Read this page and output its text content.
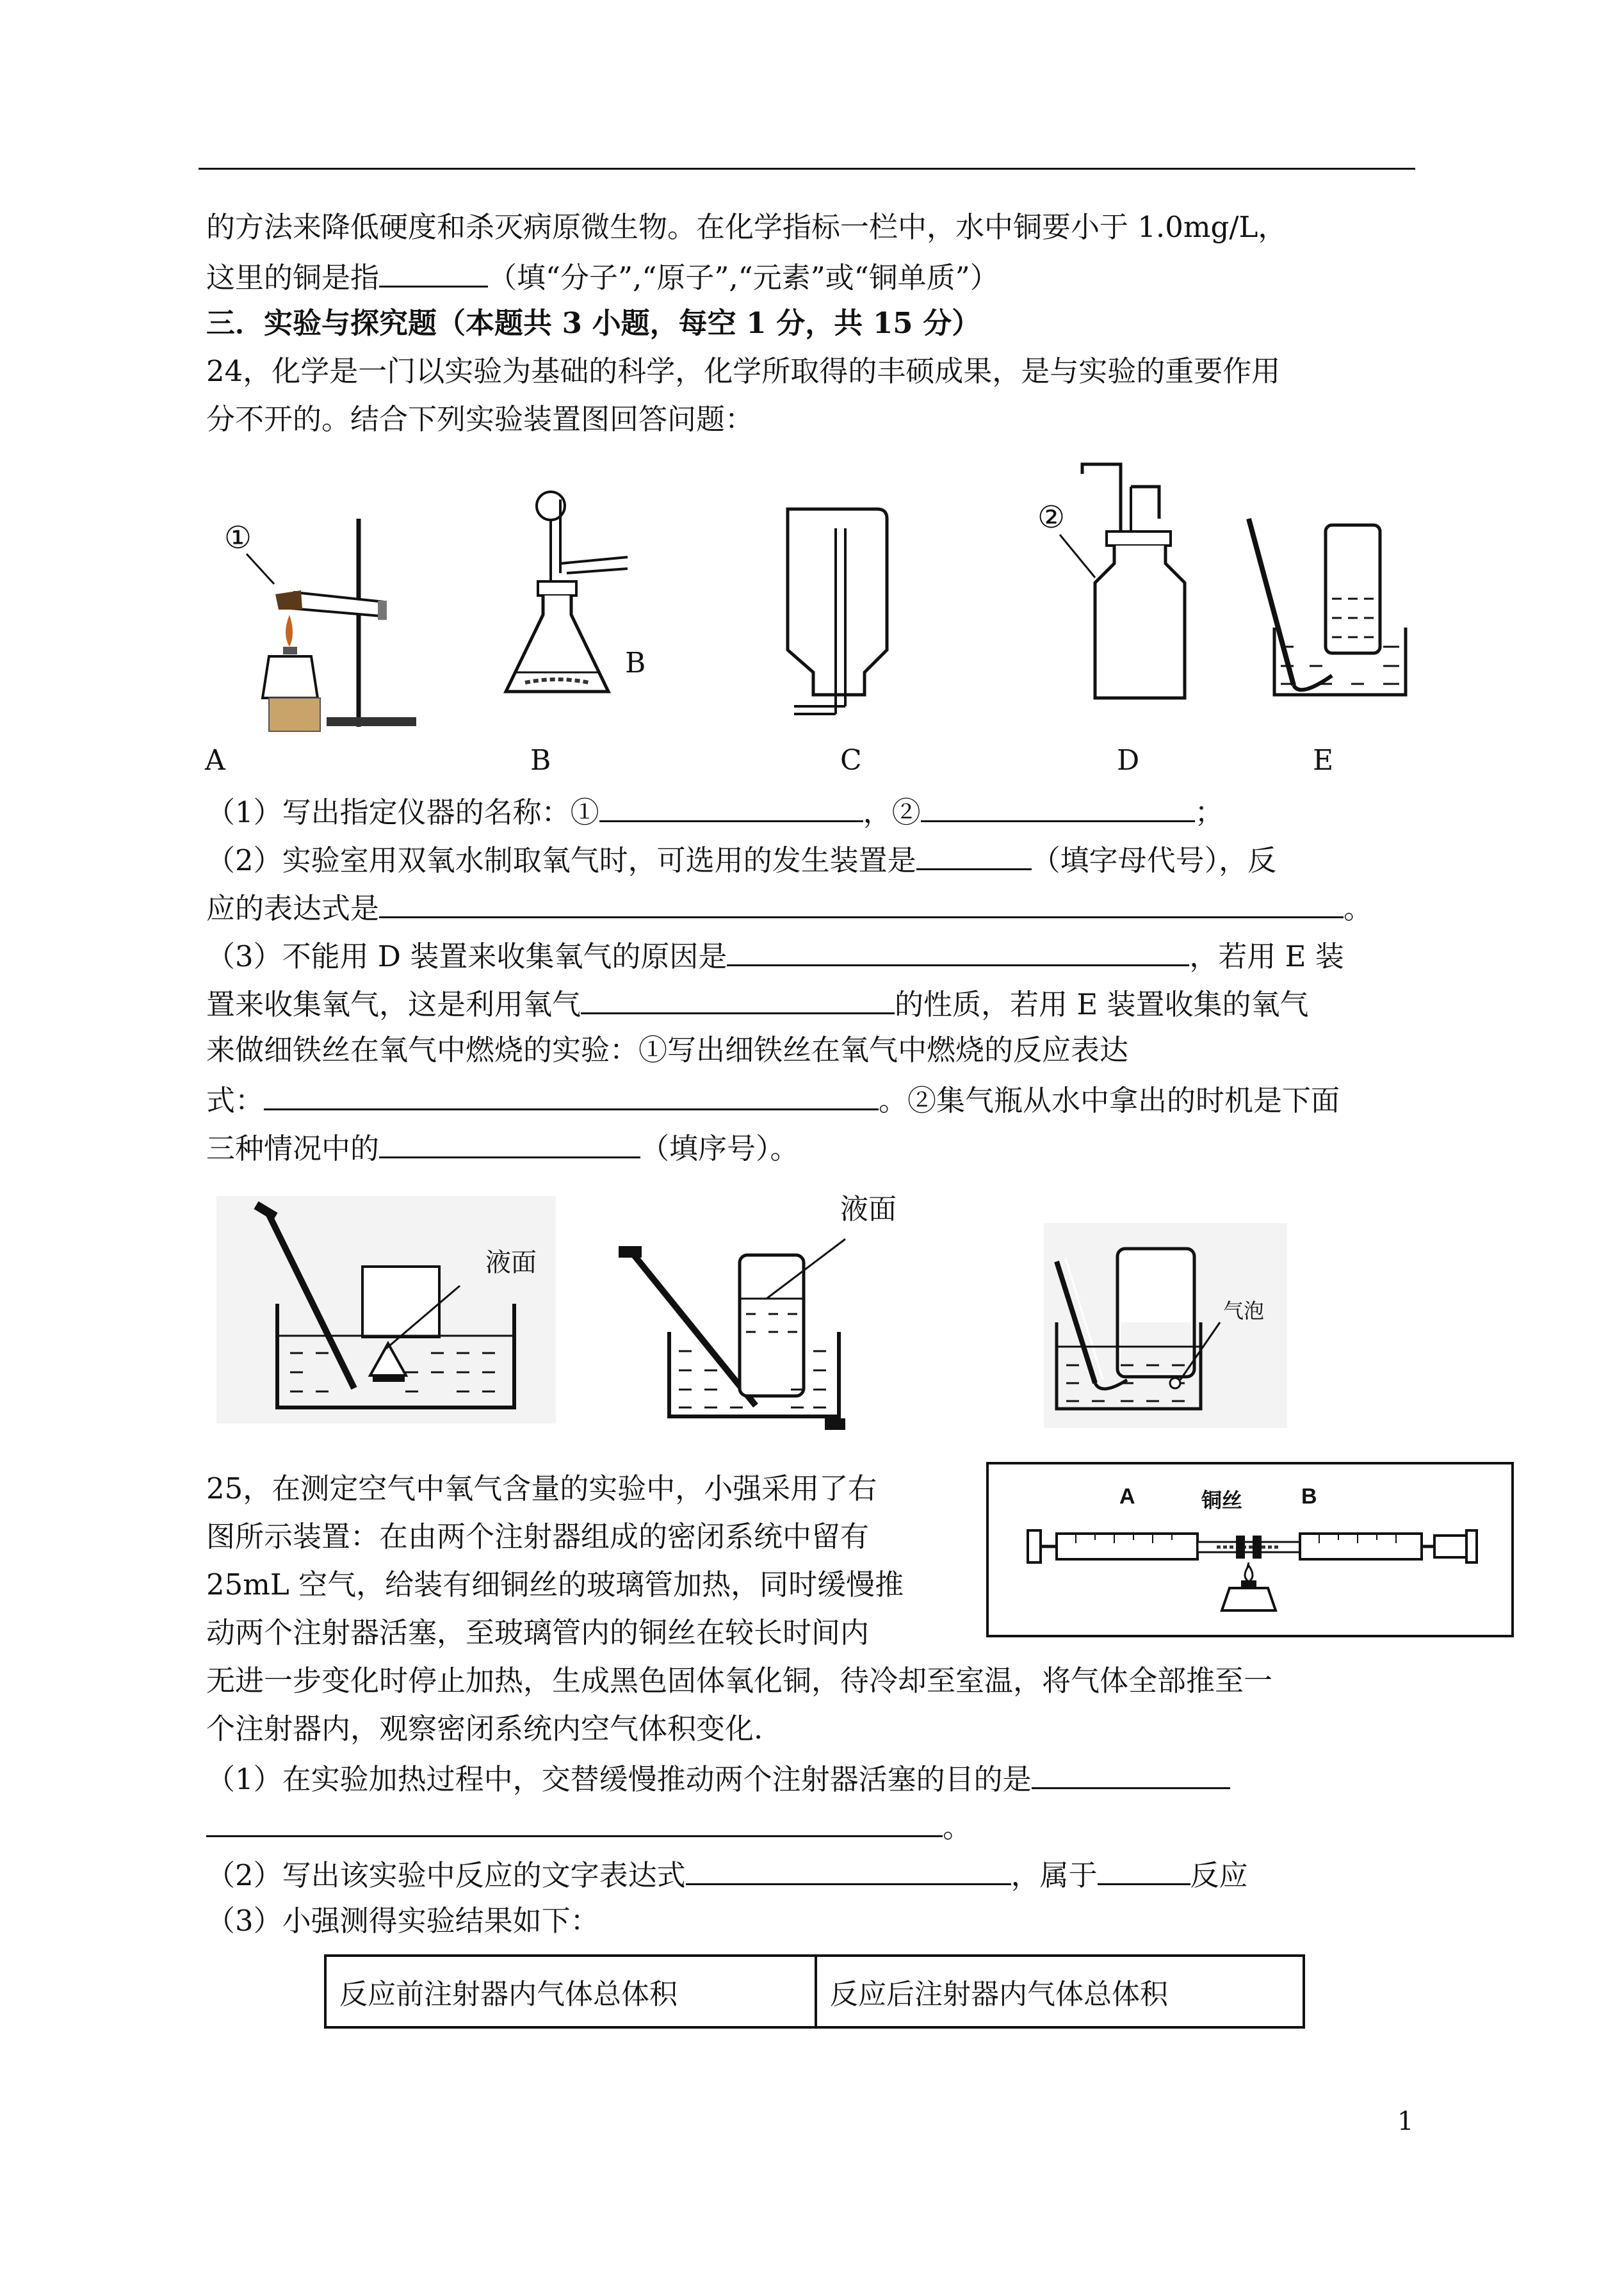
的方法来降低硬度和杀灭病原微生物。在化学指标一栏中，水中铜要小于 1.0mg/L，
这里的铜是指	（填“分子”,“原子”,“元素”或“铜单质”）
三．实验与探究题（本题共 3 小题，每空 1 分，共 15 分）
24，化学是一门以实验为基础的科学，化学所取得的丰硕成果，是与实验的重要作用
分不开的。结合下列实验装置图回答问题：
①
B
②
A	B	C	D	E
（1）写出指定仪器的名称：①	，②	；
（2）实验室用双氧水制取氧气时，可选用的发生装置是	（填字母代号），反
应的表达式是	。
（3）不能用 D 装置来收集氧气的原因是	，若用 E 装
置来收集氧气，这是利用氧气	的性质，若用 E 装置收集的氧气
来做细铁丝在氧气中燃烧的实验：①写出细铁丝在氧气中燃烧的反应表达
式：	。②集气瓶从水中拿出的时机是下面
三种情况中的	（填序号）。
液面
液面
气泡
25，在测定空气中氧气含量的实验中，小强采用了右
图所示装置：在由两个注射器组成的密闭系统中留有
25mL 空气，给装有细铜丝的玻璃管加热，同时缓慢推
动两个注射器活塞，至玻璃管内的铜丝在较长时间内
无进一步变化时停止加热，生成黑色固体氧化铜，待冷却至室温，将气体全部推至一
个注射器内，观察密闭系统内空气体积变化.
A	铜丝	B
（1）在实验加热过程中，交替缓慢推动两个注射器活塞的目的是
。
（2）写出该实验中反应的文字表达式	，属于	反应
（3）小强测得实验结果如下：
反应前注射器内气体总体积	反应后注射器内气体总体积
1
